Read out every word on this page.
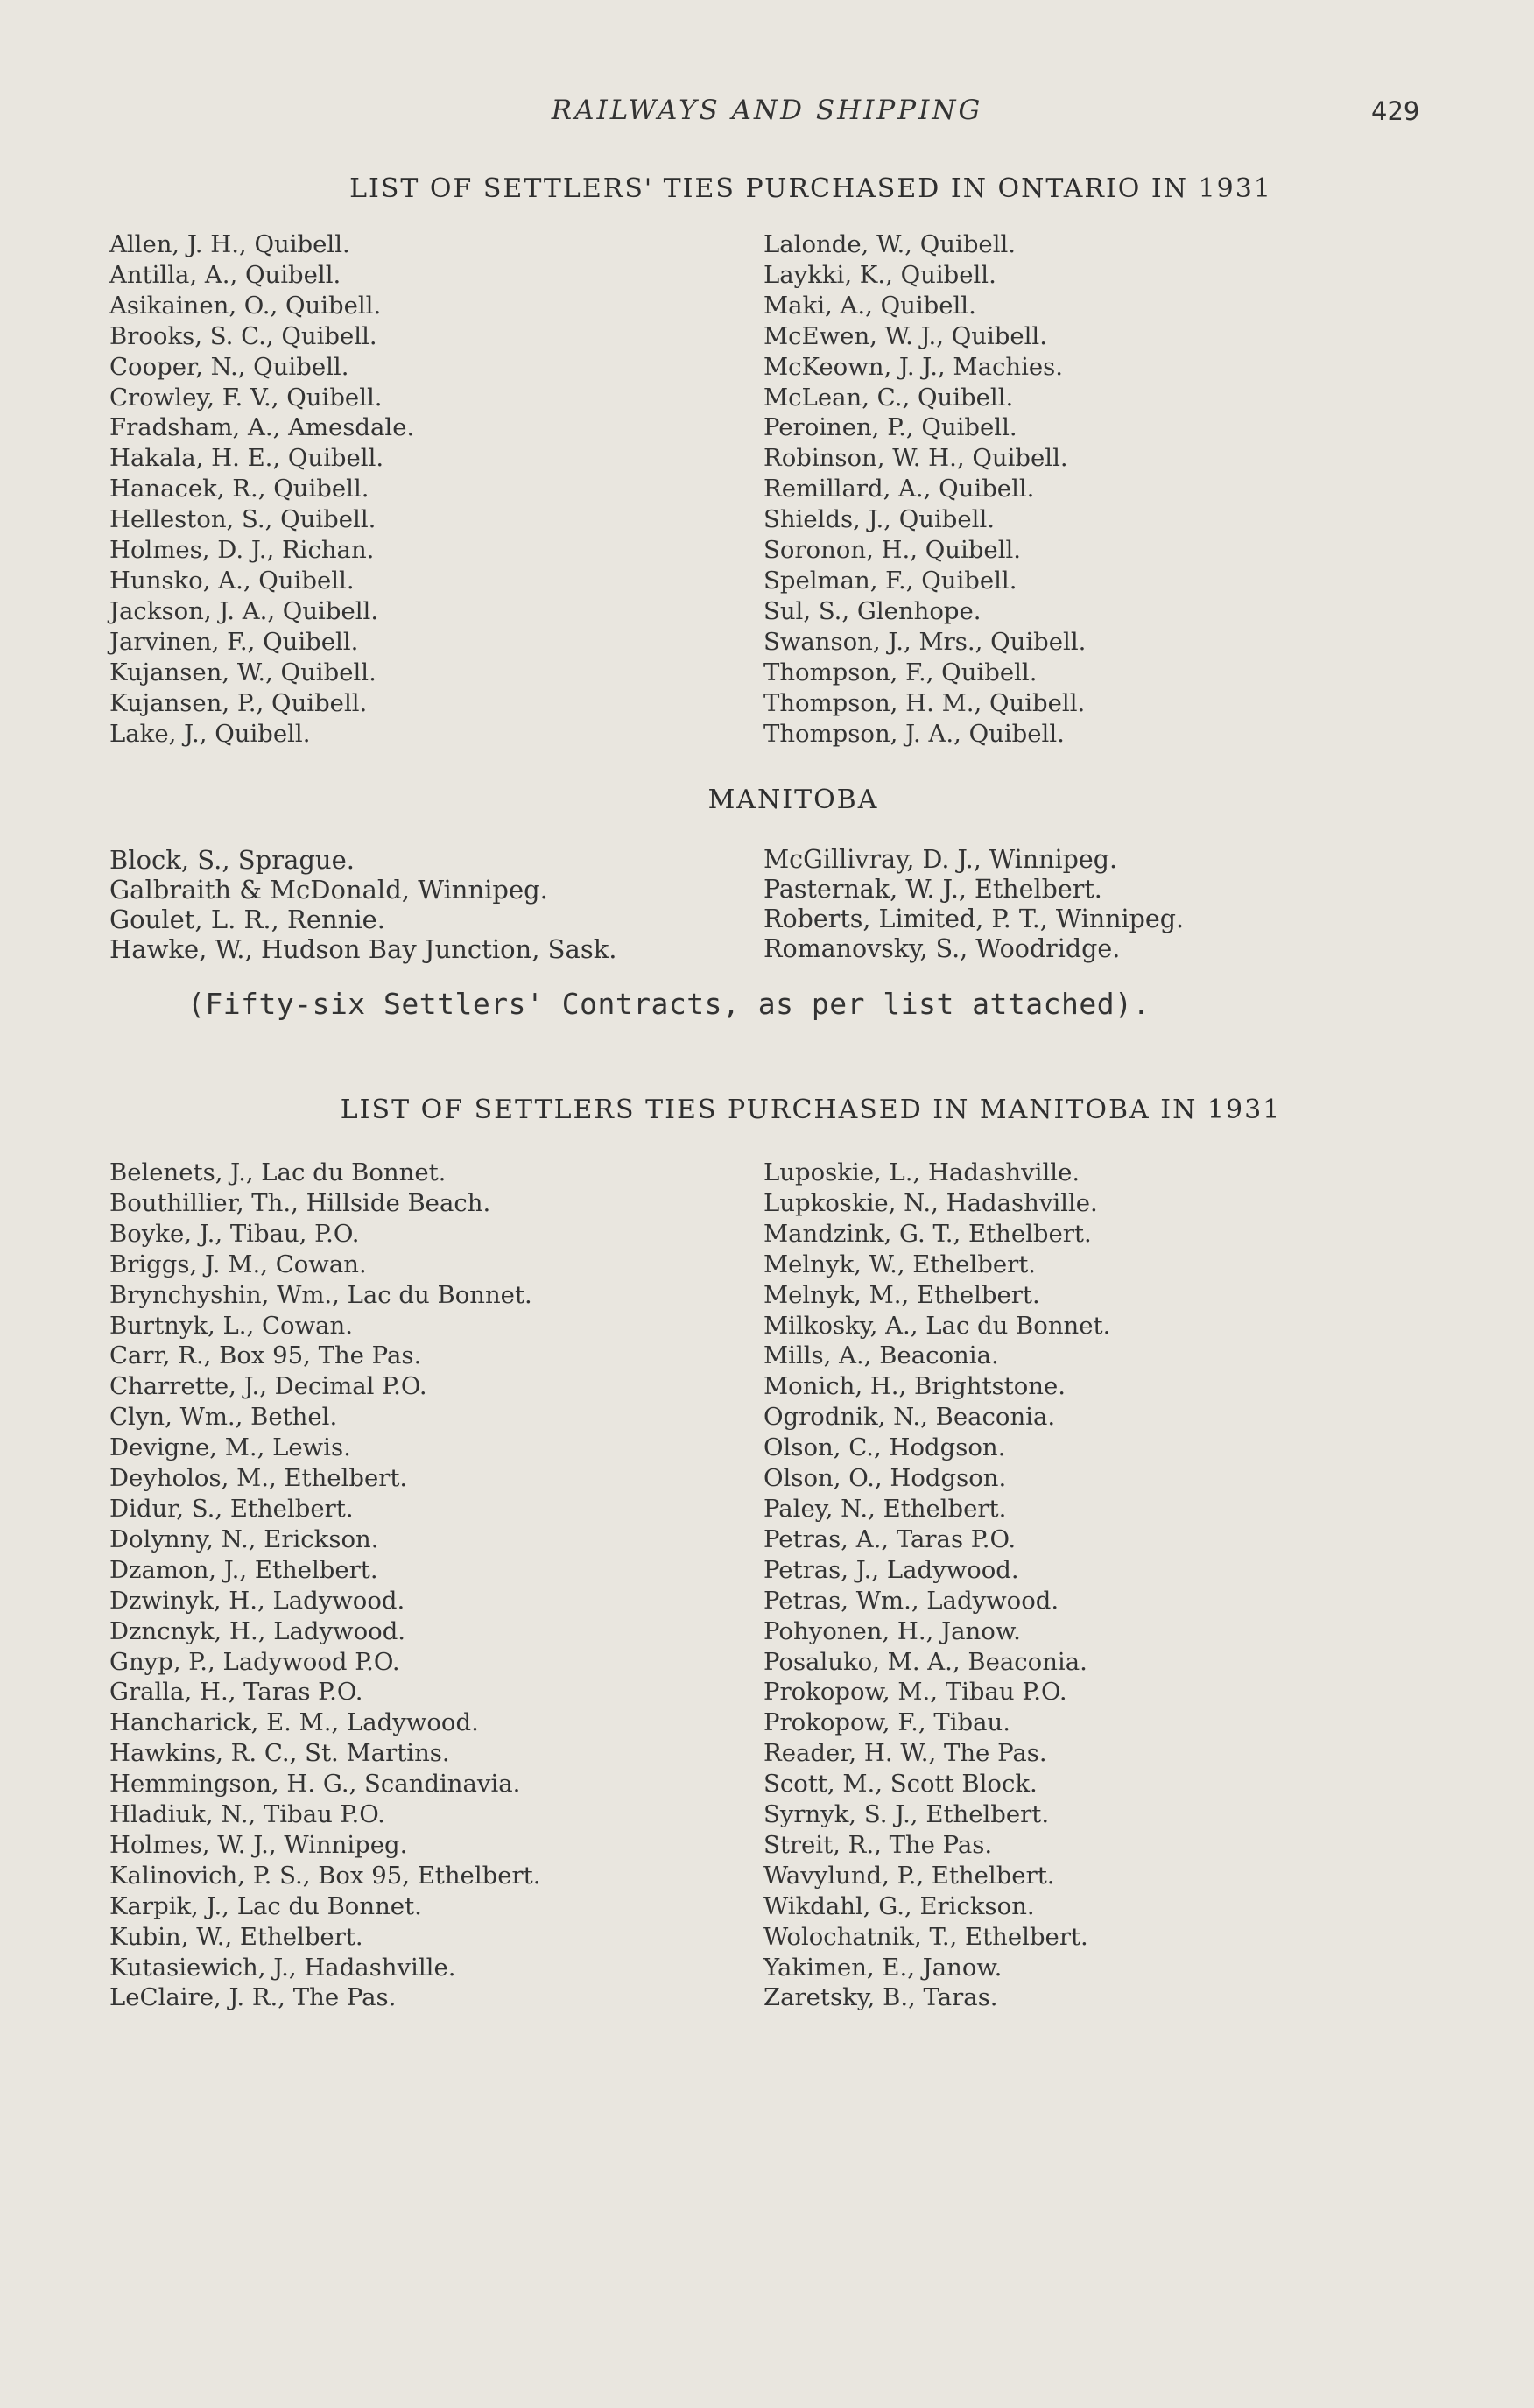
RAILWAYS AND SHIPPING	429
LIST OF SETTLERS' TIES PURCHASED IN ONTARIO IN 1931
Allen, J. H., Quibell.
Antilla, A., Quibell.
Asikainen, O., Quibell.
Brooks, S. C., Quibell.
Cooper, N., Quibell.
Crowley, F. V., Quibell.
Fradsham, A., Amesdale.
Hakala, H. E., Quibell.
Hanacek, R., Quibell.
Helleston, S., Quibell.
Holmes, D. J., Richan.
Hunsko, A., Quibell.
Jackson, J. A., Quibell.
Jarvinen, F., Quibell.
Kujansen, W., Quibell.
Kujansen, P., Quibell.
Lake, J., Quibell.
Lalonde, W., Quibell.
Laykki, K., Quibell.
Maki, A., Quibell.
McEwen, W. J., Quibell.
McKeown, J. J., Machies.
McLean, C., Quibell.
Peroinen, P., Quibell.
Robinson, W. H., Quibell.
Remillard, A., Quibell.
Shields, J., Quibell.
Soronon, H., Quibell.
Spelman, F., Quibell.
Sul, S., Glenhope.
Swanson, J., Mrs., Quibell.
Thompson, F., Quibell.
Thompson, H. M., Quibell.
Thompson, J. A., Quibell.
MANITOBA
Block, S., Sprague.
Galbraith & McDonald, Winnipeg.
Goulet, L. R., Rennie.
Hawke, W., Hudson Bay Junction, Sask.
McGillivray, D. J., Winnipeg.
Pasternak, W. J., Ethelbert.
Roberts, Limited, P. T., Winnipeg.
Romanovsky, S., Woodridge.
(Fifty-six Settlers' Contracts, as per list attached).
LIST OF SETTLERS TIES PURCHASED IN MANITOBA IN 1931
Belenets, J., Lac du Bonnet.
Bouthillier, Th., Hillside Beach.
Boyke, J., Tibau, P.O.
Briggs, J. M., Cowan.
Brynchyshin, Wm., Lac du Bonnet.
Burtnyk, L., Cowan.
Carr, R., Box 95, The Pas.
Charrette, J., Decimal P.O.
Clyn, Wm., Bethel.
Devigne, M., Lewis.
Deyholos, M., Ethelbert.
Didur, S., Ethelbert.
Dolynny, N., Erickson.
Dzamon, J., Ethelbert.
Dzwinyk, H., Ladywood.
Dzncnyk, H., Ladywood.
Gnyp, P., Ladywood P.O.
Gralla, H., Taras P.O.
Hancharick, E. M., Ladywood.
Hawkins, R. C., St. Martins.
Hemmingson, H. G., Scandinavia.
Hladiuk, N., Tibau P.O.
Holmes, W. J., Winnipeg.
Kalinovich, P. S., Box 95, Ethelbert.
Karpik, J., Lac du Bonnet.
Kubin, W., Ethelbert.
Kutasiewich, J., Hadashville.
LeClaire, J. R., The Pas.
Luposkie, L., Hadashville.
Lupkoskie, N., Hadashville.
Mandzink, G. T., Ethelbert.
Melnyk, W., Ethelbert.
Melnyk, M., Ethelbert.
Milkosky, A., Lac du Bonnet.
Mills, A., Beaconia.
Monich, H., Brightstone.
Ogrodnik, N., Beaconia.
Olson, C., Hodgson.
Olson, O., Hodgson.
Paley, N., Ethelbert.
Petras, A., Taras P.O.
Petras, J., Ladywood.
Petras, Wm., Ladywood.
Pohyonen, H., Janow.
Posaluko, M. A., Beaconia.
Prokopow, M., Tibau P.O.
Prokopow, F., Tibau.
Reader, H. W., The Pas.
Scott, M., Scott Block.
Syrnyk, S. J., Ethelbert.
Streit, R., The Pas.
Wavylund, P., Ethelbert.
Wikdahl, G., Erickson.
Wolochatnik, T., Ethelbert.
Yakimen, E., Janow.
Zaretsky, B., Taras.
